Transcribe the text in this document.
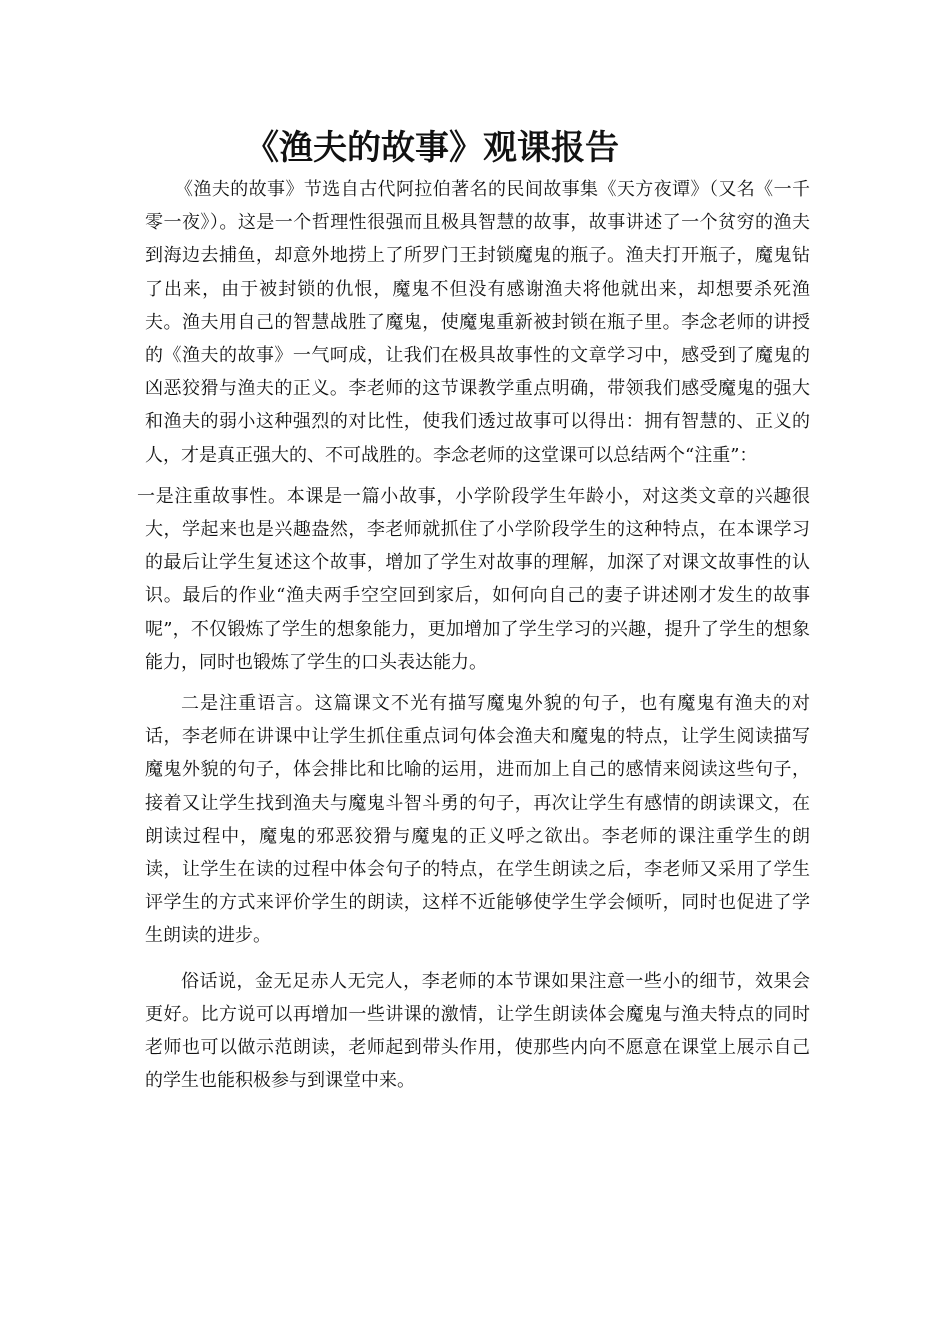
《渔夫的故事》观课报告

《渔夫的故事》节选自古代阿拉伯著名的民间故事集《天方夜谭》（又名《一千零一夜》）。这是一个哲理性很强而且极具智慧的故事，故事讲述了一个贫穷的渔夫到海边去捕鱼，却意外地捞上了所罗门王封锁魔鬼的瓶子。渔夫打开瓶子，魔鬼钻了出来，由于被封锁的仇恨，魔鬼不但没有感谢渔夫将他就出来，却想要杀死渔夫。渔夫用自己的智慧战胜了魔鬼，使魔鬼重新被封锁在瓶子里。李念老师的讲授的《渔夫的故事》一气呵成，让我们在极具故事性的文章学习中，感受到了魔鬼的凶恶狡猾与渔夫的正义。李老师的这节课教学重点明确，带领我们感受魔鬼的强大和渔夫的弱小这种强烈的对比性，使我们透过故事可以得出：拥有智慧的、正义的人，才是真正强大的、不可战胜的。李念老师的这堂课可以总结两个“注重”：

一是注重故事性。本课是一篇小故事，小学阶段学生年龄小，对这类文章的兴趣很大，学起来也是兴趣盎然，李老师就抓住了小学阶段学生的这种特点，在本课学习的最后让学生复述这个故事，增加了学生对故事的理解，加深了对课文故事性的认识。最后的作业“渔夫两手空空回到家后，如何向自己的妻子讲述刚才发生的故事呢”，不仅锻炼了学生的想象能力，更加增加了学生学习的兴趣，提升了学生的想象能力，同时也锻炼了学生的口头表达能力。

二是注重语言。这篇课文不光有描写魔鬼外貌的句子，也有魔鬼有渔夫的对话，李老师在讲课中让学生抓住重点词句体会渔夫和魔鬼的特点，让学生阅读描写魔鬼外貌的句子，体会排比和比喻的运用，进而加上自己的感情来阅读这些句子，接着又让学生找到渔夫与魔鬼斗智斗勇的句子，再次让学生有感情的朗读课文，在朗读过程中，魔鬼的邪恶狡猾与魔鬼的正义呼之欲出。李老师的课注重学生的朗读，让学生在读的过程中体会句子的特点，在学生朗读之后，李老师又采用了学生评学生的方式来评价学生的朗读，这样不近能够使学生学会倾听，同时也促进了学生朗读的进步。

俗话说，金无足赤人无完人，李老师的本节课如果注意一些小的细节，效果会更好。比方说可以再增加一些讲课的激情，让学生朗读体会魔鬼与渔夫特点的同时老师也可以做示范朗读，老师起到带头作用，使那些内向不愿意在课堂上展示自己的学生也能积极参与到课堂中来。
